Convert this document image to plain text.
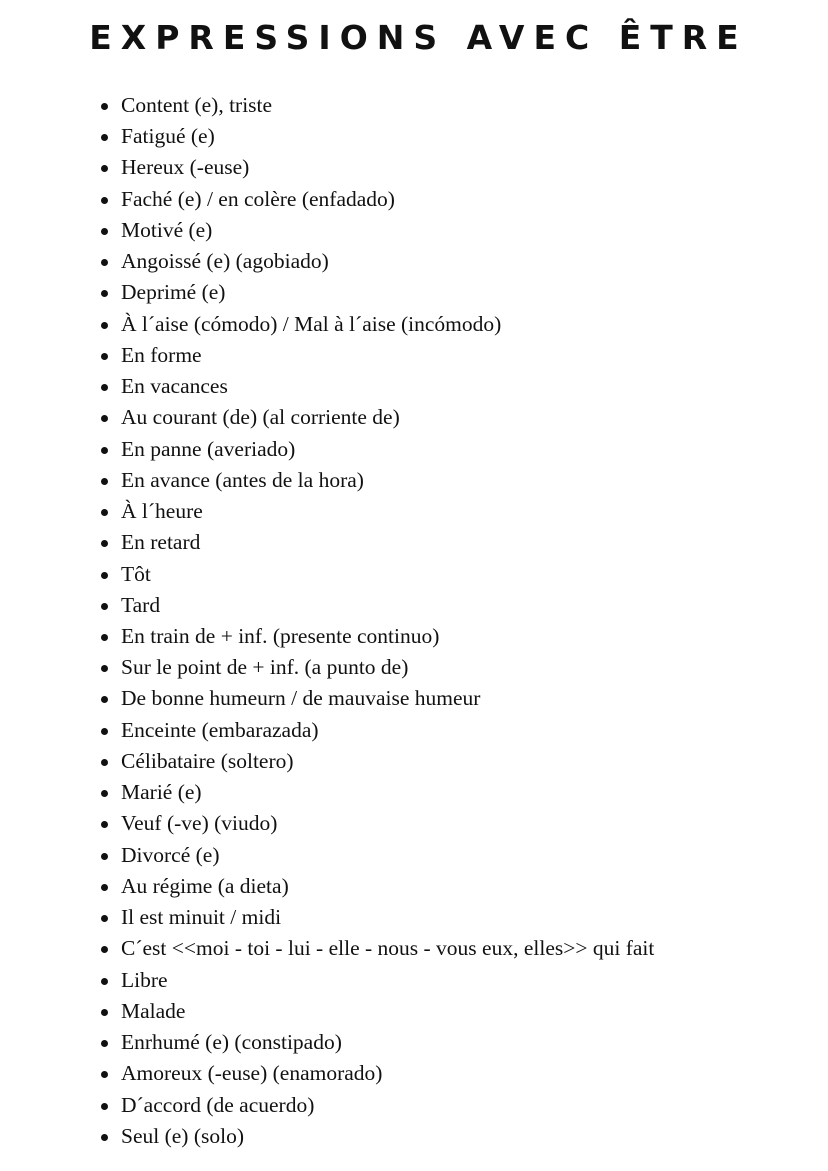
EXPRESSIONS AVEC ÊTRE
Content (e), triste
Fatigué (e)
Hereux (-euse)
Faché (e) / en colère (enfadado)
Motivé (e)
Angoissé (e) (agobiado)
Deprimé (e)
À l´aise (cómodo) / Mal à l´aise (incómodo)
En forme
En vacances
Au courant (de) (al corriente de)
En panne (averiado)
En avance (antes de la hora)
À l´heure
En retard
Tôt
Tard
En train de + inf. (presente continuo)
Sur le point de + inf. (a punto de)
De bonne humeurn / de mauvaise humeur
Enceinte (embarazada)
Célibataire (soltero)
Marié (e)
Veuf (-ve) (viudo)
Divorcé (e)
Au régime (a dieta)
Il est minuit / midi
C´est <<moi - toi - lui - elle - nous - vous eux, elles>> qui fait
Libre
Malade
Enrhumé (e) (constipado)
Amoreux (-euse) (enamorado)
D´accord (de acuerdo)
Seul (e) (solo)
